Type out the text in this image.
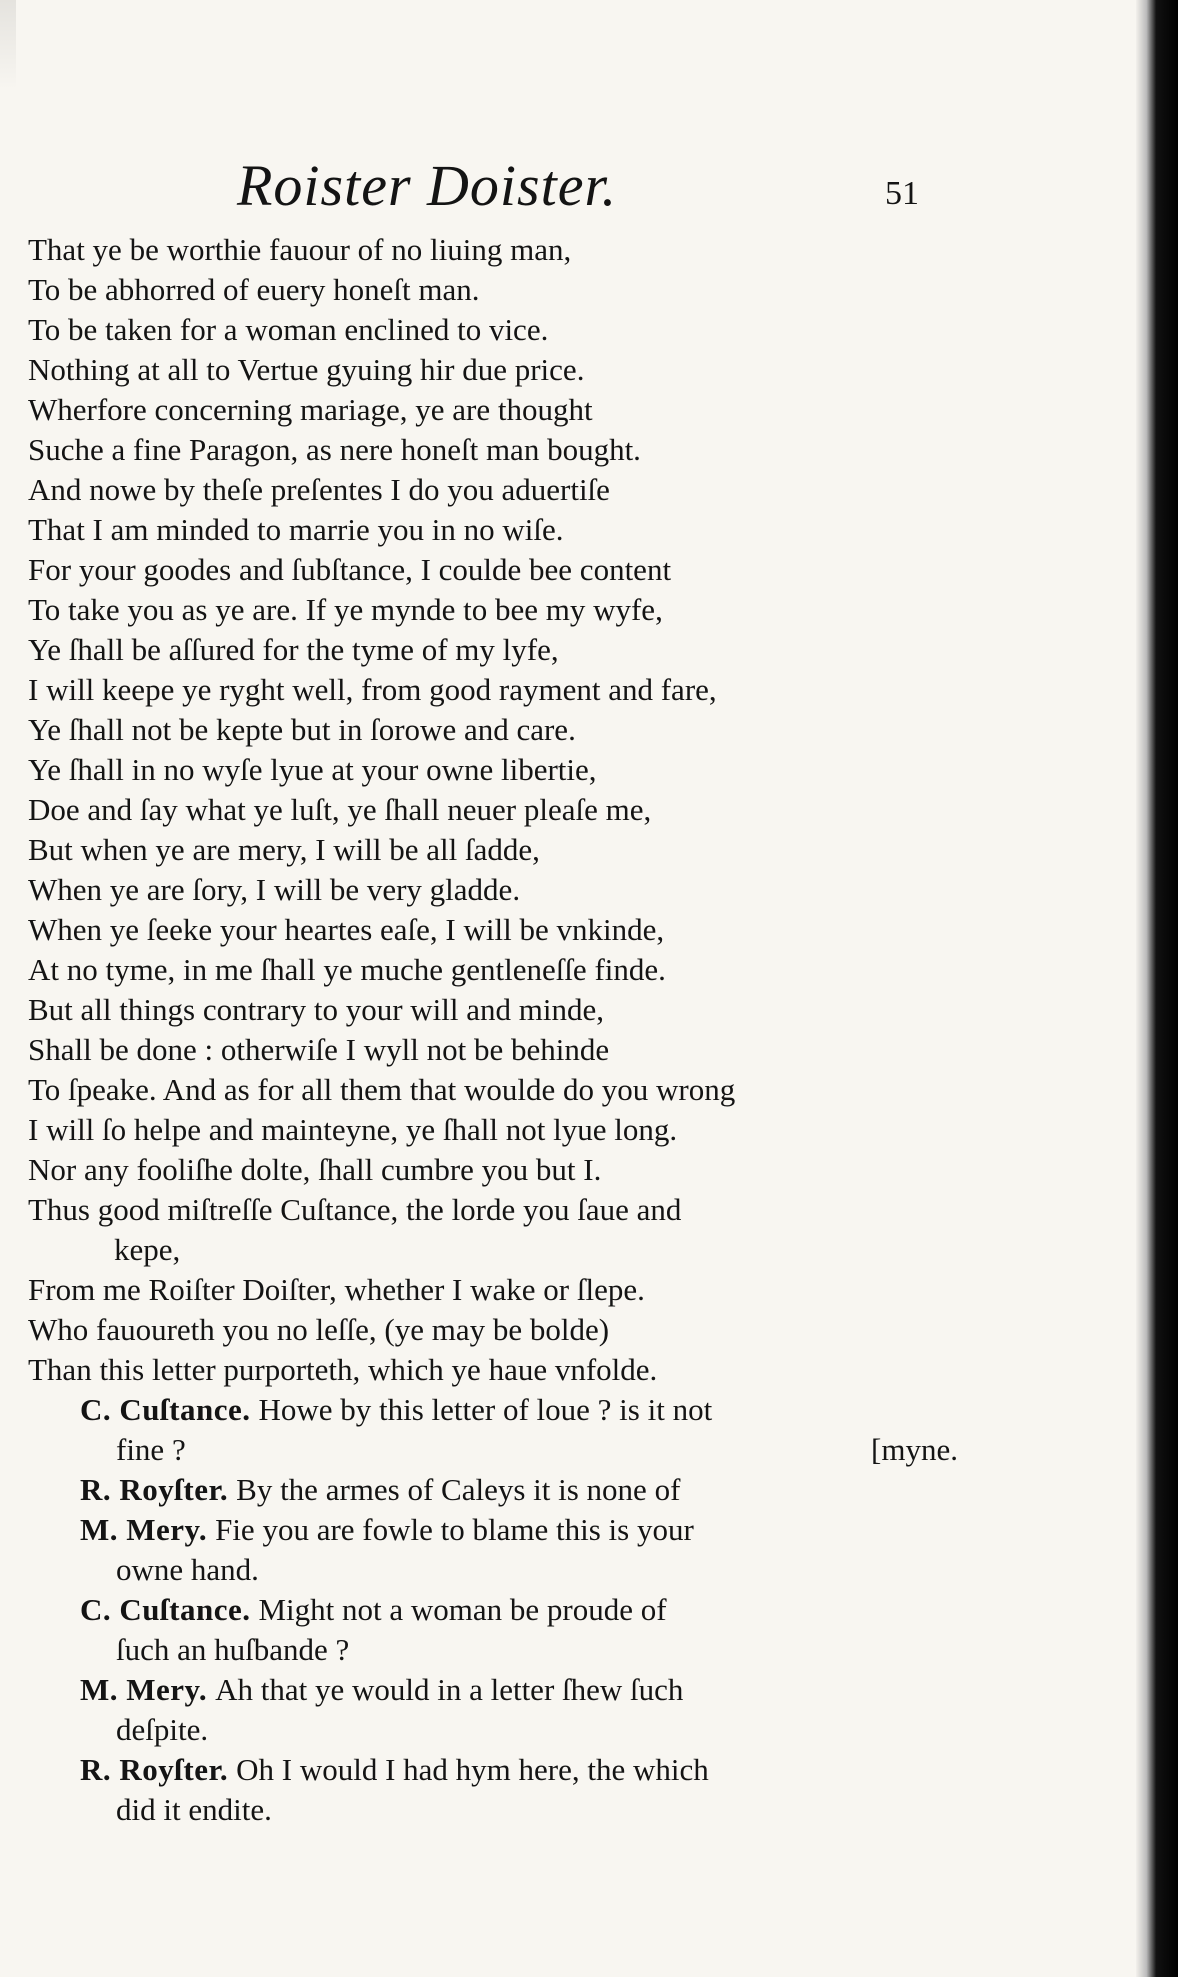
Roister Doister.	51
That ye be worthie fauour of no liuing man,
To be abhorred of euery honeſt man.
To be taken for a woman enclined to vice.
Nothing at all to Vertue gyuing hir due price.
Wherfore concerning mariage, ye are thought
Suche a fine Paragon, as nere honeſt man bought.
And nowe by theſe preſentes I do you aduertiſe
That I am minded to marrie you in no wiſe.
For your goodes and ſubſtance, I coulde bee content
To take you as ye are. If ye mynde to bee my wyfe,
Ye ſhall be aſſured for the tyme of my lyfe,
I will keepe ye ryght well, from good rayment and fare,
Ye ſhall not be kepte but in ſorowe and care.
Ye ſhall in no wyſe lyue at your owne libertie,
Doe and ſay what ye luſt, ye ſhall neuer pleaſe me,
But when ye are mery, I will be all ſadde,
When ye are ſory, I will be very gladde.
When ye ſeeke your heartes eaſe, I will be vnkinde,
At no tyme, in me ſhall ye muche gentleneſſe finde.
But all things contrary to your will and minde,
Shall be done : otherwiſe I wyll not be behinde
To ſpeake. And as for all them that woulde do you wrong
I will ſo helpe and mainteyne, ye ſhall not lyue long.
Nor any fooliſhe dolte, ſhall cumbre you but I.
Thus good miſtreſſe Cuſtance, the lorde you ſaue and
kepe,
From me Roiſter Doiſter, whether I wake or ſlepe.
Who fauoureth you no leſſe, (ye may be bolde)
Than this letter purporteth, which ye haue vnfolde.
C. Cuſtance. Howe by this letter of loue ? is it not
fine ?	[myne.
R. Royſter. By the armes of Caleys it is none of
M. Mery. Fie you are fowle to blame this is your
owne hand.
C. Cuſtance. Might not a woman be proude of
ſuch an huſbande ?
M. Mery. Ah that ye would in a letter ſhew ſuch
deſpite.
R. Royſter. Oh I would I had hym here, the which
did it endite.
